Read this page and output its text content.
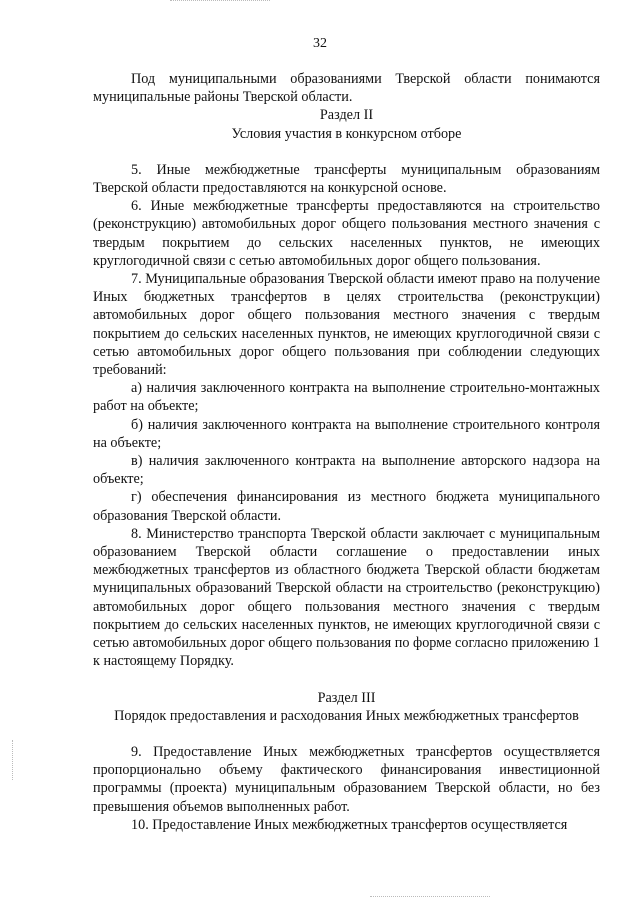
32

Под муниципальными образованиями Тверской области понимаются муниципальные районы Тверской области.

Раздел II

Условия участия в конкурсном отборе

5. Иные межбюджетные трансферты муниципальным образованиям Тверской области предоставляются на конкурсной основе.

6. Иные межбюджетные трансферты предоставляются на строительство (реконструкцию) автомобильных дорог общего пользования местного значения с твердым покрытием до сельских населенных пунктов, не имеющих круглогодичной связи с сетью автомобильных дорог общего пользования.

7. Муниципальные образования Тверской области имеют право на получение Иных бюджетных трансфертов в целях строительства (реконструкции) автомобильных дорог общего пользования местного значения с твердым покрытием до сельских населенных пунктов, не имеющих круглогодичной связи с сетью автомобильных дорог общего пользования при соблюдении следующих требований:

а) наличия заключенного контракта на выполнение строительно-монтажных работ на объекте;

б) наличия заключенного контракта на выполнение строительного контроля на объекте;

в) наличия заключенного контракта на выполнение авторского надзора на объекте;

г) обеспечения финансирования из местного бюджета муниципального образования Тверской области.

8. Министерство транспорта Тверской области заключает с муниципальным образованием Тверской области соглашение о предоставлении иных межбюджетных трансфертов из областного бюджета Тверской области бюджетам муниципальных образований Тверской области на строительство (реконструкцию) автомобильных дорог общего пользования местного значения с твердым покрытием до сельских населенных пунктов, не имеющих круглогодичной связи с сетью автомобильных дорог общего пользования по форме согласно приложению 1 к настоящему Порядку.

Раздел III

Порядок предоставления и расходования Иных межбюджетных трансфертов

9. Предоставление Иных межбюджетных трансфертов осуществляется пропорционально объему фактического финансирования инвестиционной программы (проекта) муниципальным образованием Тверской области, но без превышения объемов выполненных работ.

10. Предоставление Иных межбюджетных трансфертов осуществляется
